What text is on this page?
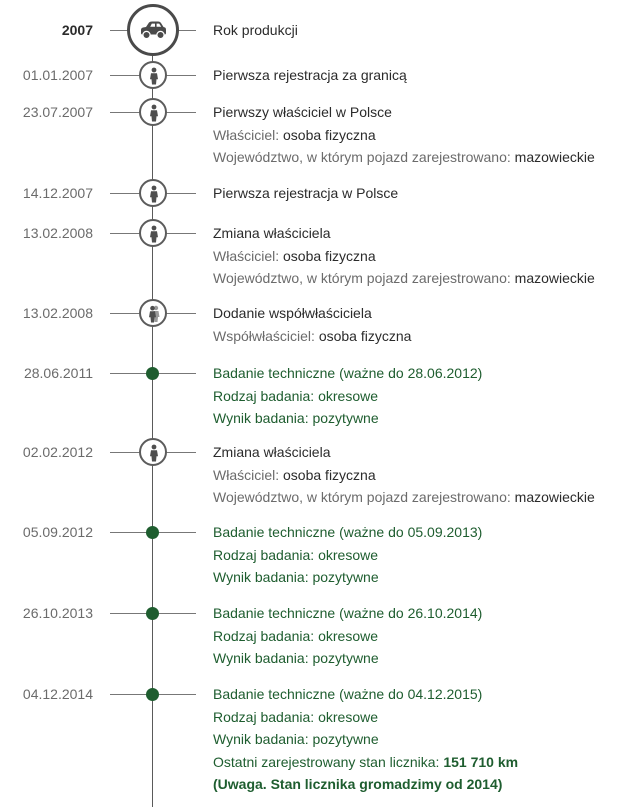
2007	Rok produkcji
01.01.2007	Pierwsza rejestracja za granicą
23.07.2007	Pierwszy właściciel w Polsce
Właściciel: osoba fizyczna
Województwo, w którym pojazd zarejestrowano: mazowieckie
14.12.2007	Pierwsza rejestracja w Polsce
13.02.2008	Zmiana właściciela
Właściciel: osoba fizyczna
Województwo, w którym pojazd zarejestrowano: mazowieckie
13.02.2008	Dodanie współwłaściciela
Współwłaściciel: osoba fizyczna
28.06.2011	Badanie techniczne (ważne do 28.06.2012)
Rodzaj badania: okresowe
Wynik badania: pozytywne
02.02.2012	Zmiana właściciela
Właściciel: osoba fizyczna
Województwo, w którym pojazd zarejestrowano: mazowieckie
05.09.2012	Badanie techniczne (ważne do 05.09.2013)
Rodzaj badania: okresowe
Wynik badania: pozytywne
26.10.2013	Badanie techniczne (ważne do 26.10.2014)
Rodzaj badania: okresowe
Wynik badania: pozytywne
04.12.2014	Badanie techniczne (ważne do 04.12.2015)
Rodzaj badania: okresowe
Wynik badania: pozytywne
Ostatni zarejestrowany stan licznika: 151 710 km
(Uwaga. Stan licznika gromadzimy od 2014)
